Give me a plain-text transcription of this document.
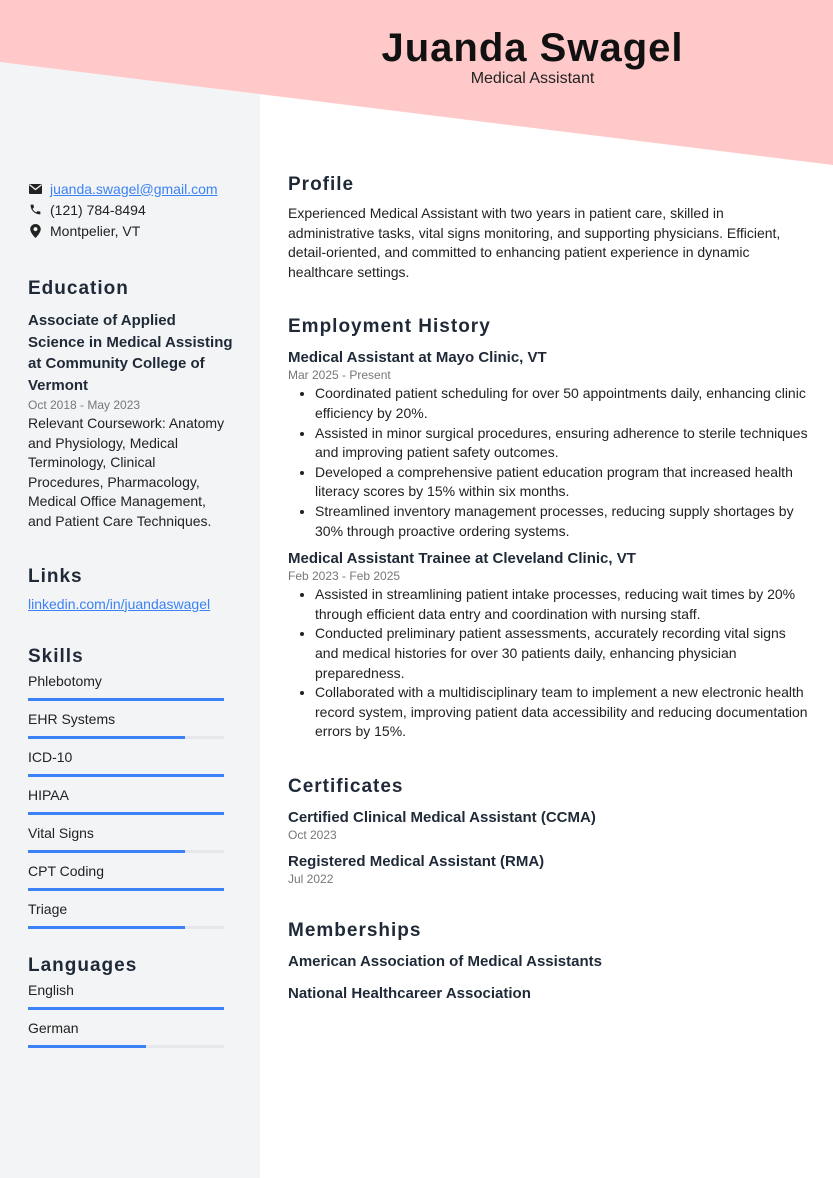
Juanda Swagel
Medical Assistant
juanda.swagel@gmail.com
(121) 784-8494
Montpelier, VT
Education
Associate of Applied Science in Medical Assisting at Community College of Vermont
Oct 2018 - May 2023
Relevant Coursework: Anatomy and Physiology, Medical Terminology, Clinical Procedures, Pharmacology, Medical Office Management, and Patient Care Techniques.
Links
linkedin.com/in/juandaswagel
Skills
Phlebotomy
EHR Systems
ICD-10
HIPAA
Vital Signs
CPT Coding
Triage
Languages
English
German
Profile
Experienced Medical Assistant with two years in patient care, skilled in administrative tasks, vital signs monitoring, and supporting physicians. Efficient, detail-oriented, and committed to enhancing patient experience in dynamic healthcare settings.
Employment History
Medical Assistant at Mayo Clinic, VT
Mar 2025 - Present
• Coordinated patient scheduling for over 50 appointments daily, enhancing clinic efficiency by 20%.
• Assisted in minor surgical procedures, ensuring adherence to sterile techniques and improving patient safety outcomes.
• Developed a comprehensive patient education program that increased health literacy scores by 15% within six months.
• Streamlined inventory management processes, reducing supply shortages by 30% through proactive ordering systems.
Medical Assistant Trainee at Cleveland Clinic, VT
Feb 2023 - Feb 2025
• Assisted in streamlining patient intake processes, reducing wait times by 20% through efficient data entry and coordination with nursing staff.
• Conducted preliminary patient assessments, accurately recording vital signs and medical histories for over 30 patients daily, enhancing physician preparedness.
• Collaborated with a multidisciplinary team to implement a new electronic health record system, improving patient data accessibility and reducing documentation errors by 15%.
Certificates
Certified Clinical Medical Assistant (CCMA)
Oct 2023
Registered Medical Assistant (RMA)
Jul 2022
Memberships
American Association of Medical Assistants
National Healthcareer Association
